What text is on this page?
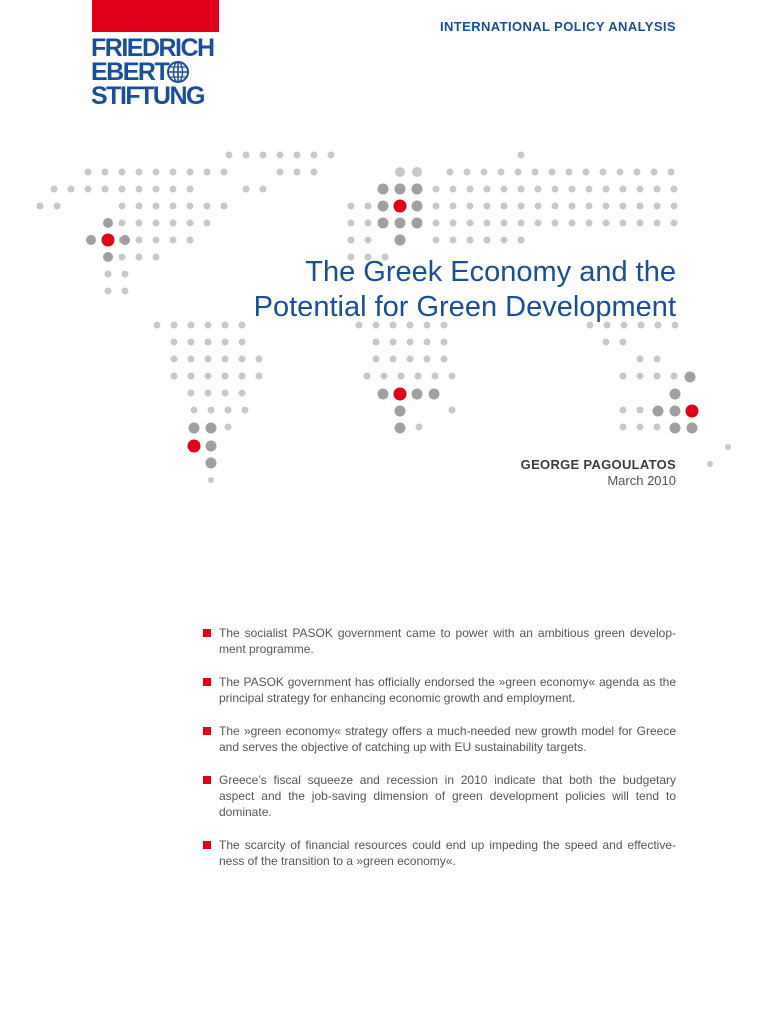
FRIEDRICH
EBERT
STIFTUNG
INTERNATIONAL POLICY ANALYSIS
The Greek Economy and the
Potential for Green Development
GEORGE PAGOULATOS
March 2010
The socialist PASOK government came to power with an ambitious green develop-ment programme.
The PASOK government has officially endorsed the »green economy« agenda as the principal strategy for enhancing economic growth and employment.
The »green economy« strategy offers a much-needed new growth model for Greece and serves the objective of catching up with EU sustainability targets.
Greece’s fiscal squeeze and recession in 2010 indicate that both the budgetary aspect and the job-saving dimension of green development policies will tend to dominate.
The scarcity of financial resources could end up impeding the speed and effective-ness of the transition to a »green economy«.
